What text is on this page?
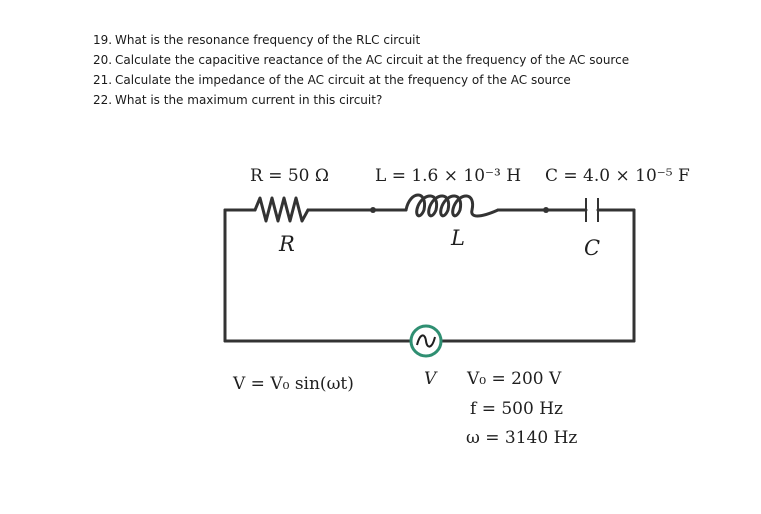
19. What is the resonance frequency of the RLC circuit
20. Calculate the capacitive reactance of the AC circuit at the frequency of the AC source
21. Calculate the impedance of the AC circuit at the frequency of the AC source
22. What is the maximum current in this circuit?
R = 50 Ω	L = 1.6 × 10⁻³ H C = 4.0 × 10⁻⁵ F
R	L	C
V = V₀ sin(ωt)	V V₀ = 200 V
f = 500 Hz
ω = 3140 Hz
